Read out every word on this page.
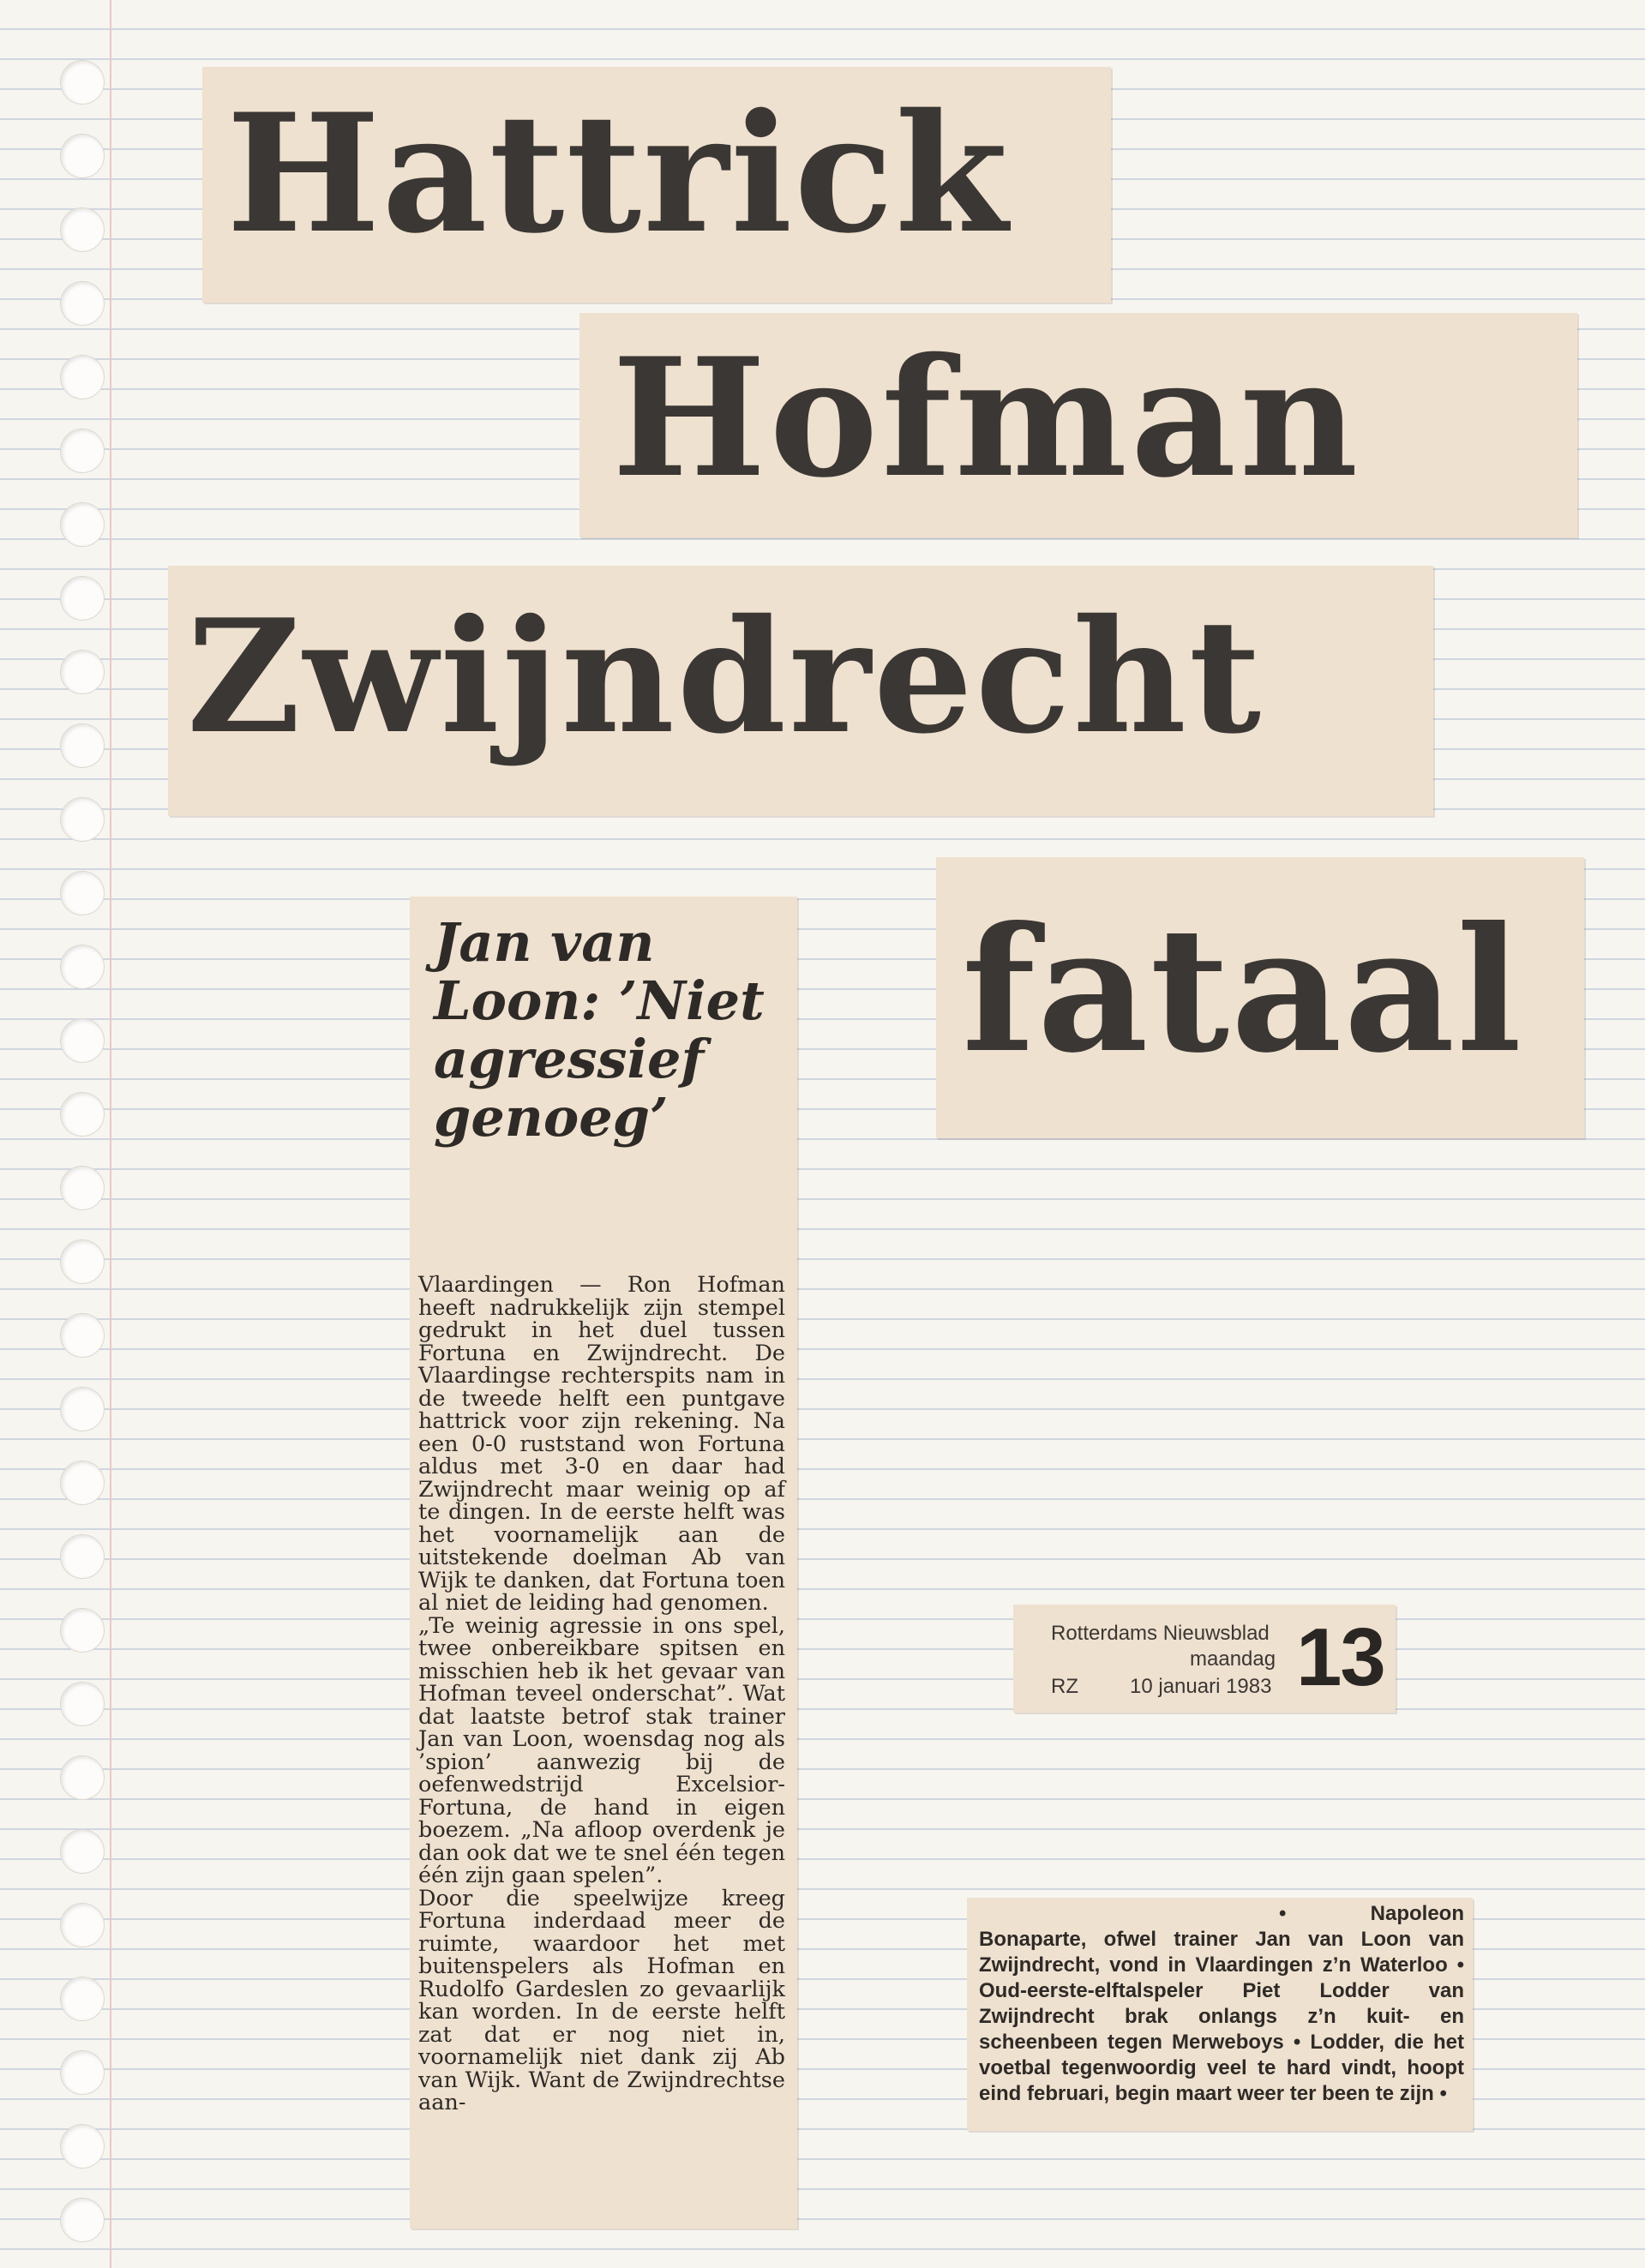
Hattrick
Hofman
Zwijndrecht
fataal
Jan van Loon: ’Niet agressief genoeg’

Vlaardingen — Ron Hofman heeft nadrukkelijk zijn stempel gedrukt in het duel tussen Fortuna en Zwijndrecht. De Vlaardingse rechterspits nam in de tweede helft een puntgave hattrick voor zijn rekening. Na een 0-0 ruststand won Fortuna aldus met 3-0 en daar had Zwijndrecht maar weinig op af te dingen. In de eerste helft was het voornamelijk aan de uitstekende doelman Ab van Wijk te danken, dat Fortuna toen al niet de leiding had genomen.

„Te weinig agressie in ons spel, twee onbereikbare spitsen en misschien heb ik het gevaar van Hofman teveel onderschat”. Wat dat laatste betrof stak trainer Jan van Loon, woensdag nog als ’spion’ aanwezig bij de oefenwedstrijd Excelsior-Fortuna, de hand in eigen boezem. „Na afloop overdenk je dan ook dat we te snel één tegen één zijn gaan spelen”.

Door die speelwijze kreeg Fortuna inderdaad meer de ruimte, waardoor het met buitenspelers als Hofman en Rudolfo Gardeslen zo gevaarlijk kan worden. In de eerste helft zat dat er nog niet in, voornamelijk niet dank zij Ab van Wijk. Want de Zwijndrechtse aan-

Rotterdams Nieuwsblad
maandag
RZ	10 januari 1983 13
• Napoleon Bonaparte, ofwel trainer Jan van Loon van Zwijndrecht, vond in Vlaardingen z’n Waterloo • Oud-eerste-elftalspeler Piet Lodder van Zwijndrecht brak onlangs z’n kuit- en scheenbeen tegen Merweboys • Lodder, die het voetbal tegenwoordig veel te hard vindt, hoopt eind februari, begin maart weer ter been te zijn •
